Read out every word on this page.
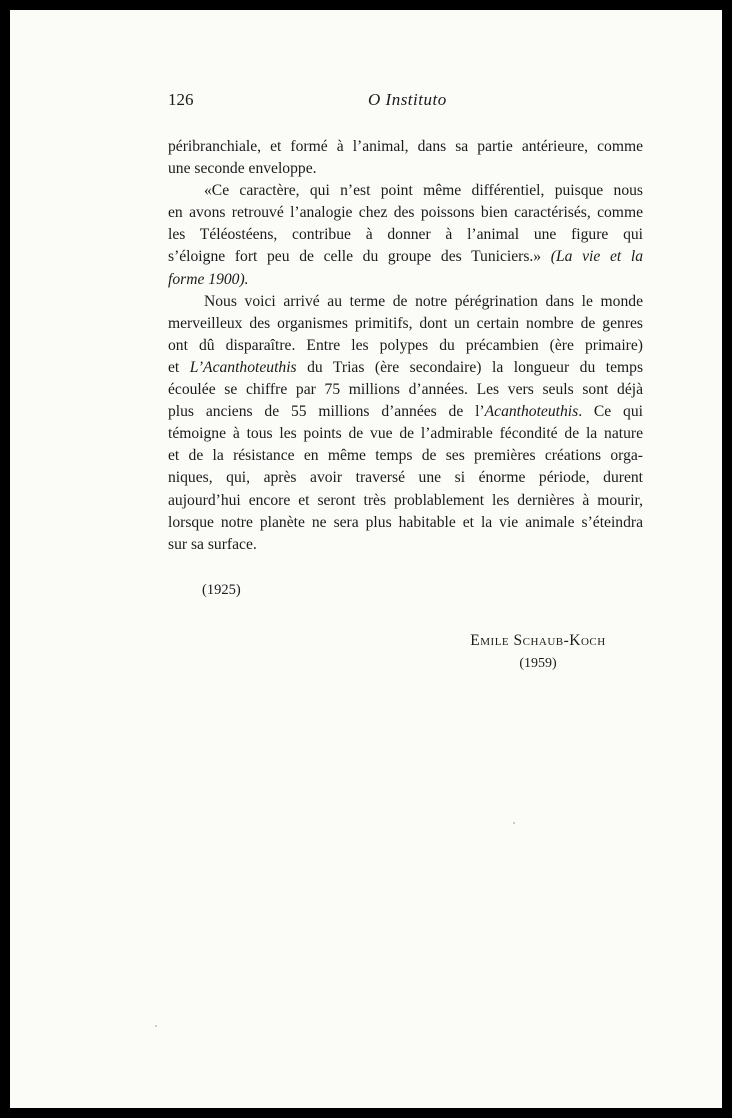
126	O Instituto
péribranchiale, et formé à l’animal, dans sa partie antérieure, comme
une seconde enveloppe.
«Ce caractère, qui n’est point même différentiel, puisque nous
en avons retrouvé l’analogie chez des poissons bien caractérisés, comme
les Téléostéens, contribue à donner à l’animal une figure qui
s’éloigne fort peu de celle du groupe des Tuniciers.» (La vie et la
forme 1900).
Nous voici arrivé au terme de notre pérégrination dans le monde
merveilleux des organismes primitifs, dont un certain nombre de genres
ont dû disparaître. Entre les polypes du précambien (ère primaire)
et L’Acanthoteuthis du Trias (ère secondaire) la longueur du temps
écoulée se chiffre par 75 millions d’années. Les vers seuls sont déjà
plus anciens de 55 millions d’années de l’Acanthoteuthis. Ce qui
témoigne à tous les points de vue de l’admirable fécondité de la nature
et de la résistance en même temps de ses premières créations orga-
niques, qui, après avoir traversé une si énorme période, durent
aujourd’hui encore et seront très problablement les dernières à mourir,
lorsque notre planète ne sera plus habitable et la vie animale s’éteindra
sur sa surface.
(1925)
Emile Schaub-Koch
(1959)
